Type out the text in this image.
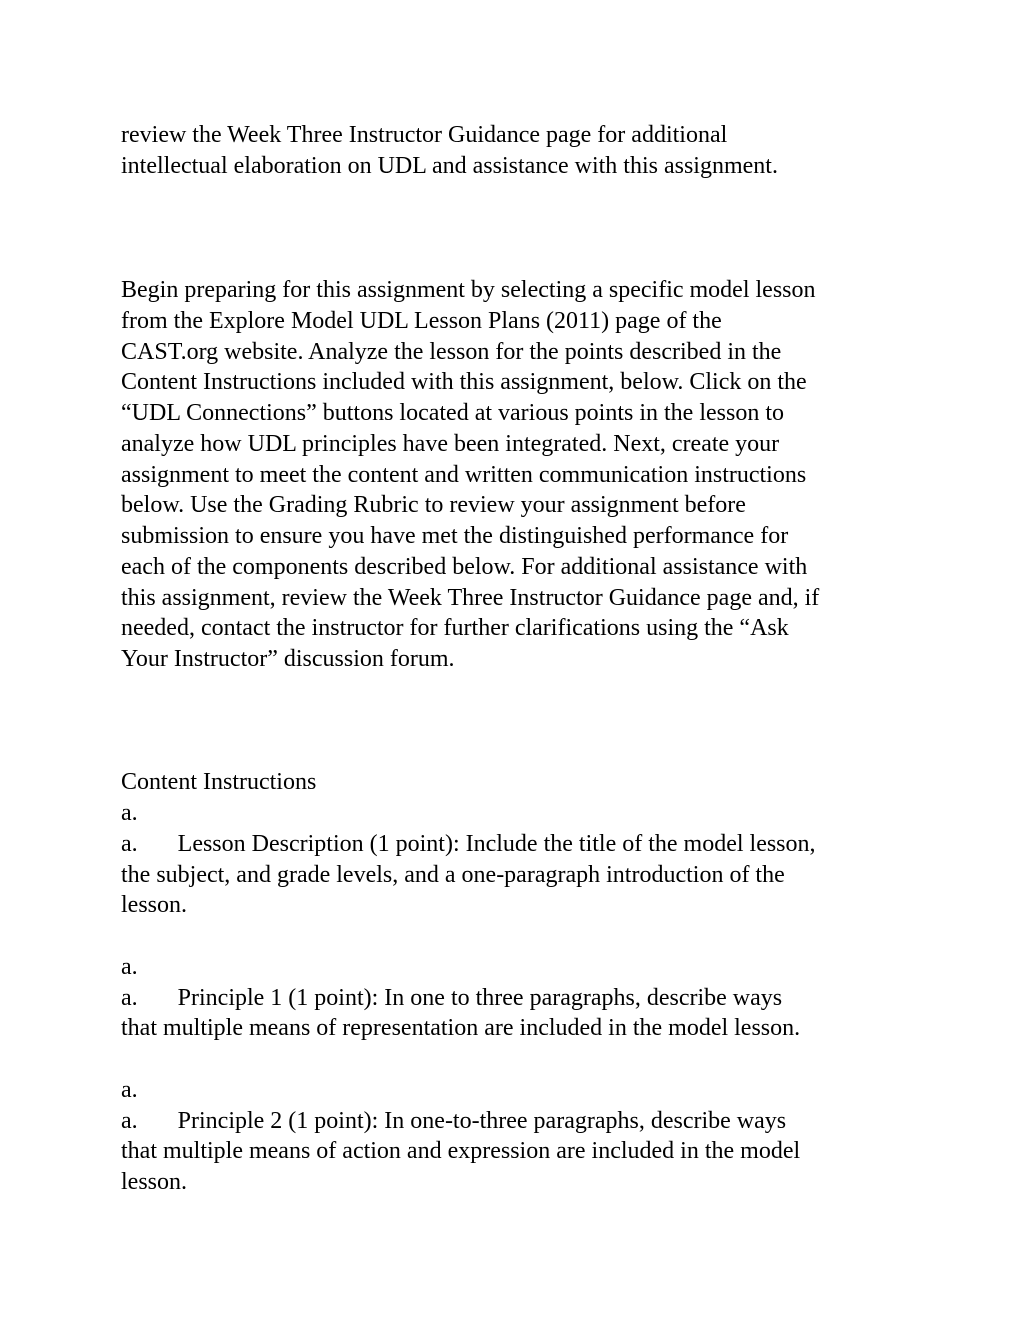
review the Week Three Instructor Guidance page for additional
intellectual elaboration on UDL and assistance with this assignment.
Begin preparing for this assignment by selecting a specific model lesson
from the Explore Model UDL Lesson Plans (2011) page of the
CAST.org website. Analyze the lesson for the points described in the
Content Instructions included with this assignment, below. Click on the
“UDL Connections” buttons located at various points in the lesson to
analyze how UDL principles have been integrated. Next, create your
assignment to meet the content and written communication instructions
below. Use the Grading Rubric to review your assignment before
submission to ensure you have met the distinguished performance for
each of the components described below. For additional assistance with
this assignment, review the Week Three Instructor Guidance page and, if
needed, contact the instructor for further clarifications using the “Ask
Your Instructor” discussion forum.
Content Instructions
a.
a. Lesson Description (1 point): Include the title of the model lesson,
the subject, and grade levels, and a one-paragraph introduction of the
lesson.
a.
a. Principle 1 (1 point): In one to three paragraphs, describe ways
that multiple means of representation are included in the model lesson.
a.
a. Principle 2 (1 point): In one-to-three paragraphs, describe ways
that multiple means of action and expression are included in the model
lesson.
